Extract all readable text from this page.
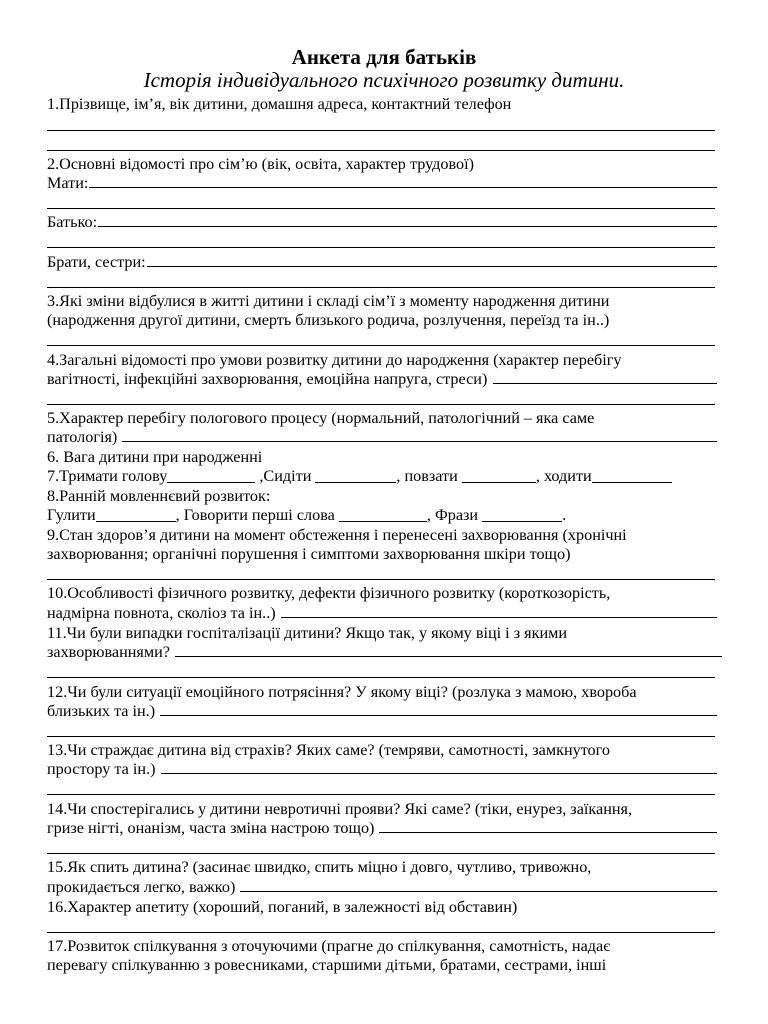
Анкета для батьків
Історія індивідуального психічного розвитку дитини.
1.Прізвище, ім’я, вік дитини, домашня адреса, контактний телефон
2.Основні відомості про сім’ю (вік, освіта, характер трудової)
Мати:
Батько:
Брати, сестри:
3.Які зміни відбулися в житті дитини і складі сім’ї з моменту народження дитини
(народження другої дитини, смерть близького родича, розлучення, переїзд та ін..)
4.Загальні відомості про умови розвитку дитини до народження (характер перебігу
вагітності, інфекційні захворювання, емоційна напруга, стреси)
5.Характер перебігу пологового процесу (нормальний, патологічний – яка саме
патологія)
6. Вага дитини при народженні
7.Тримати голову	,Сидіти	, повзати	, ходити
8.Ранній мовленнєвий розвиток:
Гулити	, Говорити перші слова	, Фрази	.
9.Стан здоров’я дитини на момент обстеження і перенесені захворювання (хронічні
захворювання; органічні порушення і симптоми захворювання шкіри тощо)
10.Особливості фізичного розвитку, дефекти фізичного розвитку (короткозорість,
надмірна повнота, сколіоз та ін..)
11.Чи були випадки госпіталізації дитини? Якщо так, у якому віці і з якими
захворюваннями?
12.Чи були ситуації емоційного потрясіння? У якому віці? (розлука з мамою, хвороба
близьких та ін.)
13.Чи страждає дитина від страхів? Яких саме? (темряви, самотності, замкнутого
простору та ін.)
14.Чи спостерігались у дитини невротичні прояви? Які саме? (тіки, енурез, заїкання,
гризе нігті, онанізм, часта зміна настрою тощо)
15.Як спить дитина? (засинає швидко, спить міцно і довго, чутливо, тривожно,
прокидається легко, важко)
16.Характер апетиту (хороший, поганий, в залежності від обставин)
17.Розвиток спілкування з оточуючими (прагне до спілкування, самотність, надає
перевагу спілкуванню з ровесниками, старшими дітьми, братами, сестрами, інші
